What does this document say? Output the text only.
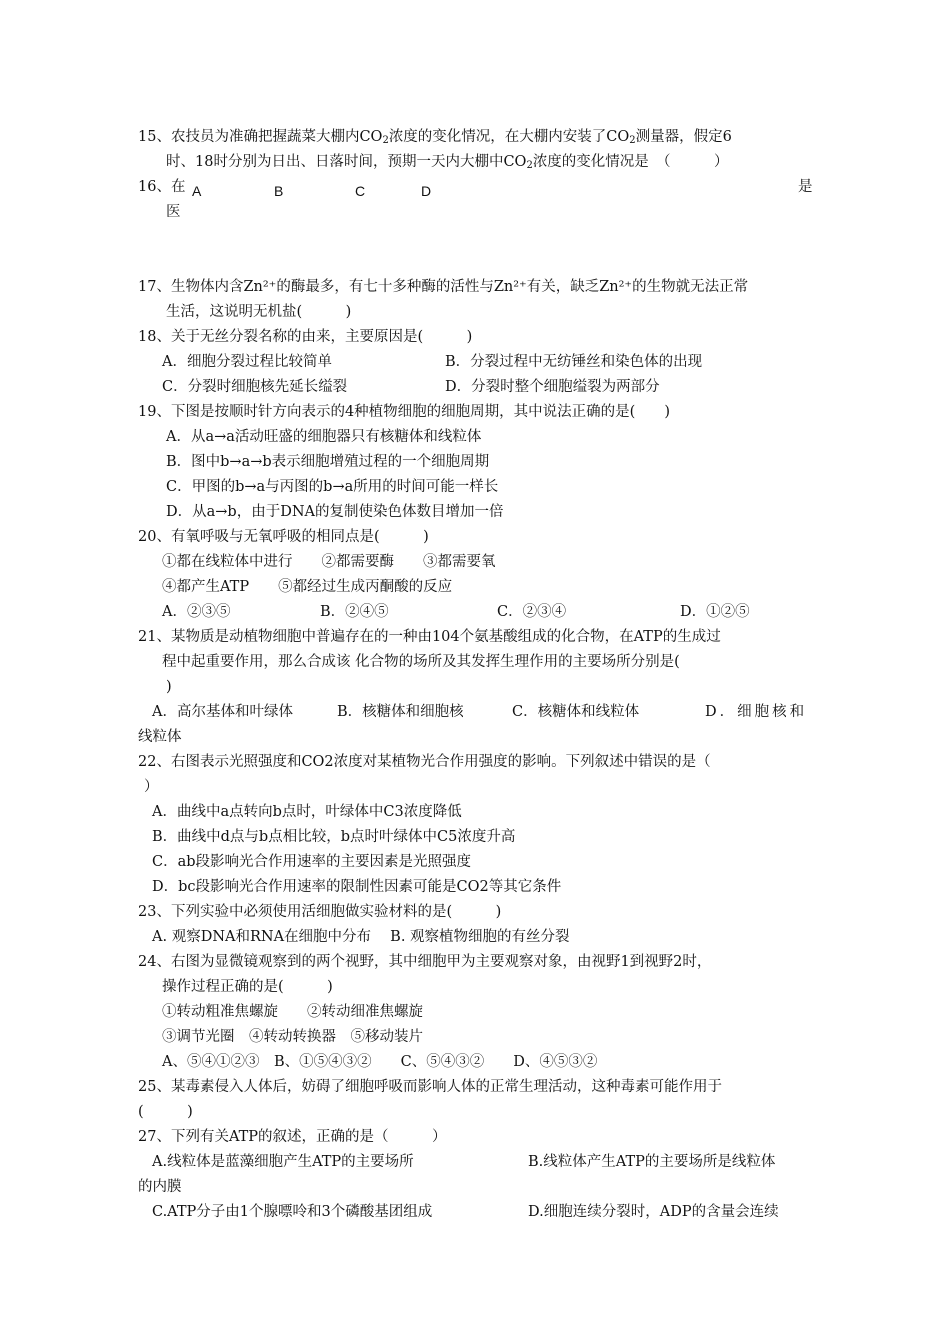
15、农技员为准确把握蔬菜大棚内$CO_2$浓度的变化情况，在大棚内安装了$CO_2$测量器，假定6
时、18时分别为日出、日落时间，预期一天内大棚中$CO_2$浓度的变化情况是　（　　　）
16、在	是
医
A	B	C	D
17、生物体内含Zn²⁺的酶最多，有七十多种酶的活性与Zn²⁺有关，缺乏Zn²⁺的生物就无法正常
生活，这说明无机盐(　　　)
18、关于无丝分裂名称的由来，主要原因是(　　　)
A．细胞分裂过程比较简单	B．分裂过程中无纺锤丝和染色体的出现
C．分裂时细胞核先延长缢裂	D．分裂时整个细胞缢裂为两部分
19、下图是按顺时针方向表示的4种植物细胞的细胞周期，其中说法正确的是(　　)
A．从a→a活动旺盛的细胞器只有核糖体和线粒体
B．图中b→a→b表示细胞增殖过程的一个细胞周期
C．甲图的b→a与丙图的b→a所用的时间可能一样长
D．从a→b，由于DNA的复制使染色体数目增加一倍
20、有氧呼吸与无氧呼吸的相同点是(　　　)
①都在线粒体中进行　　②都需要酶　　③都需要氧
④都产生ATP　　⑤都经过生成丙酮酸的反应
A．②③⑤	B．②④⑤	C．②③④	D．①②⑤
21、某物质是动植物细胞中普遍存在的一种由104个氨基酸组成的化合物，在ATP的生成过
程中起重要作用，那么合成该 化合物的场所及其发挥生理作用的主要场所分别是(
)
A．高尔基体和叶绿体	B．核糖体和细胞核	C．核糖体和线粒体	D．细胞核和
线粒体
22、右图表示光照强度和CO2浓度对某植物光合作用强度的影响。下列叙述中错误的是（
）
A．曲线中a点转向b点时，叶绿体中C3浓度降低
B．曲线中d点与b点相比较，b点时叶绿体中C5浓度升高
C．ab段影响光合作用速率的主要因素是光照强度
D．bc段影响光合作用速率的限制性因素可能是CO2等其它条件
23、下列实验中必须使用活细胞做实验材料的是(　　　)
A. 观察DNA和RNA在细胞中分布　 B. 观察植物细胞的有丝分裂
24、右图为显微镜观察到的两个视野，其中细胞甲为主要观察对象，由视野1到视野2时，
操作过程正确的是(　　　)
①转动粗准焦螺旋　　②转动细准焦螺旋
③调节光圈　④转动转换器　⑤移动装片
A、⑤④①②③　B、①⑤④③②　　C、⑤④③②　　D、④⑤③②
25、某毒素侵入人体后，妨碍了细胞呼吸而影响人体的正常生理活动，这种毒素可能作用于
(　　　)
27、下列有关ATP的叙述，正确的是（　　　）
A.线粒体是蓝藻细胞产生ATP的主要场所	B.线粒体产生ATP的主要场所是线粒体
的内膜
C.ATP分子由1个腺嘌呤和3个磷酸基团组成	D.细胞连续分裂时，ADP的含量会连续
